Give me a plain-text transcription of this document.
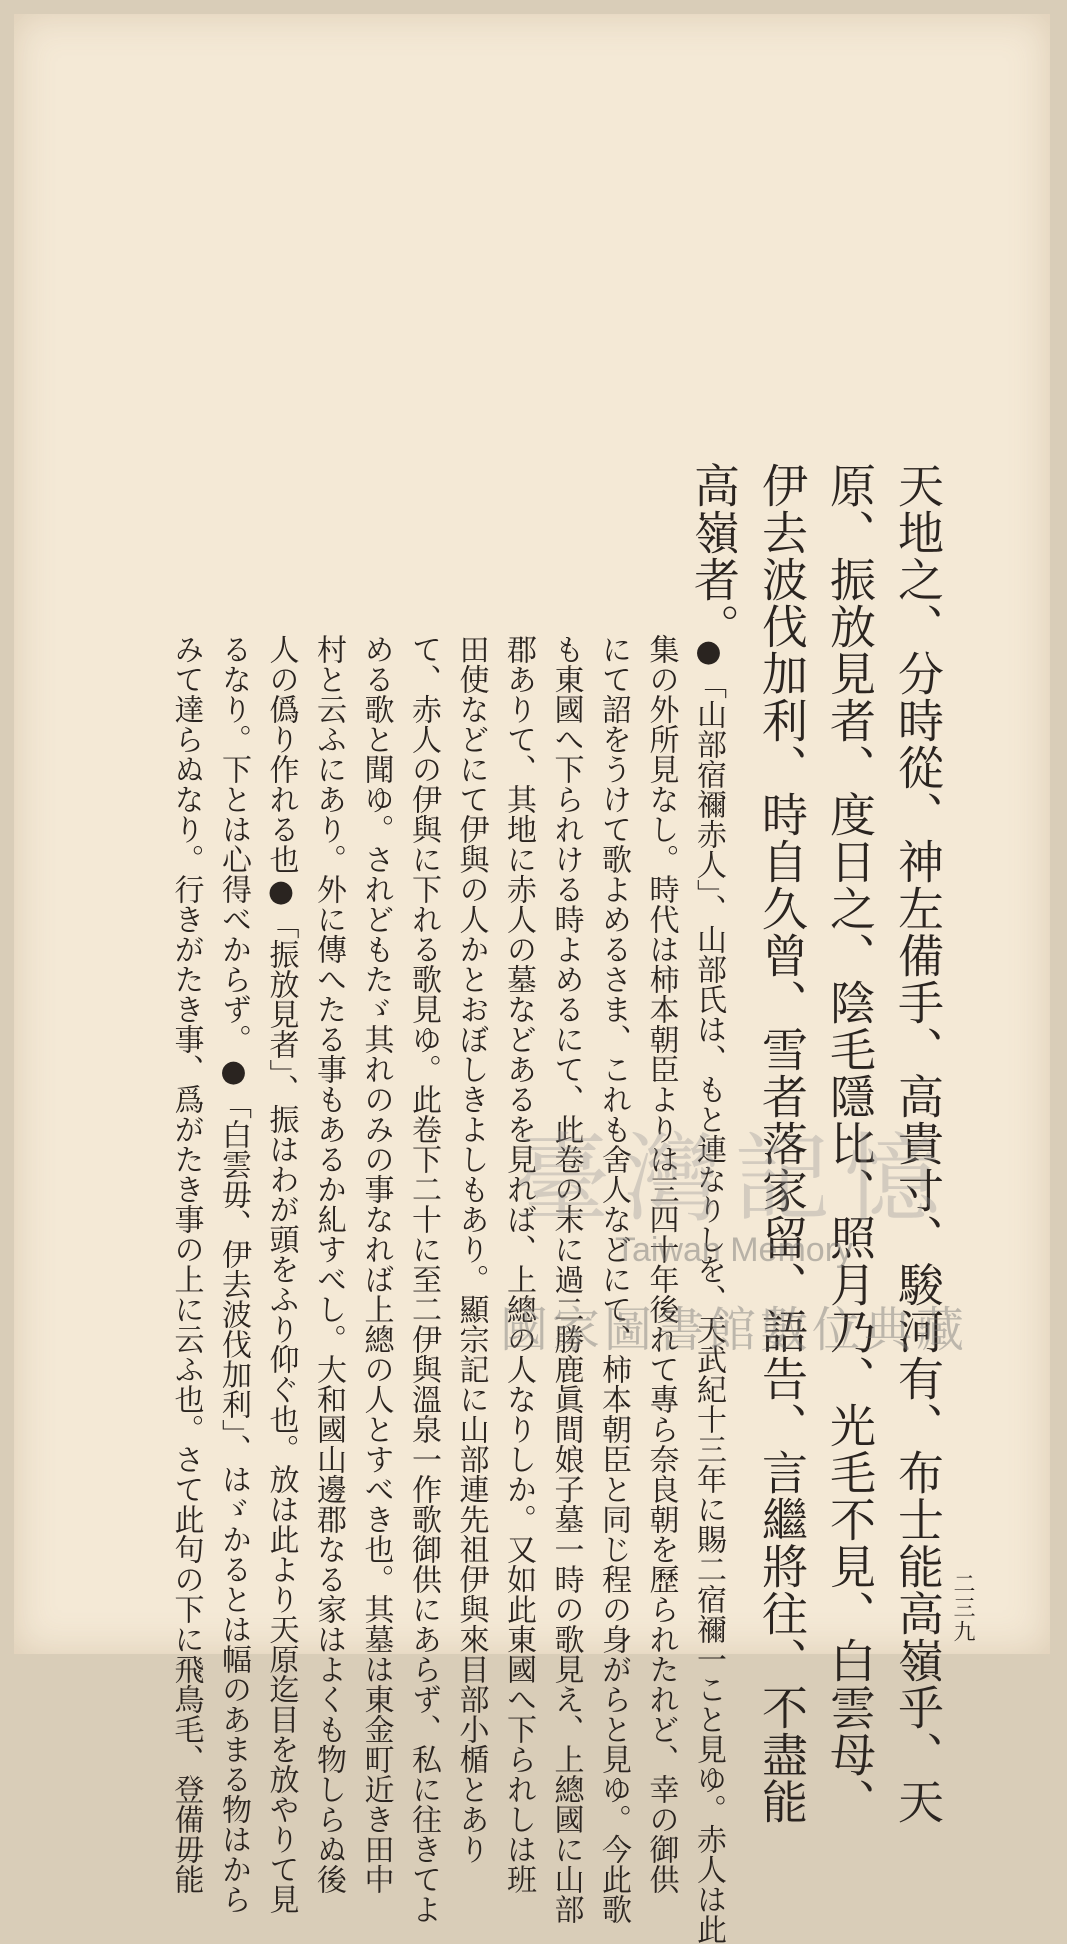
天地之、分時從、神左備手、高貴寸、駿河有、布士能高嶺乎、天
原、振放見者、度日之、陰毛隱比、照月乃、光毛不見、白雲母、
伊去波伐加利、時自久曾、雪者落家留、語告、言繼將往、不盡能
高嶺者。
●「山部宿禰赤人」、山部氏は、もと連なりしを、天武紀十三年に賜二宿禰一こと見ゆ。赤人は此
集の外所見なし。時代は柿本朝臣よりは三四十年後れて專ら奈良朝を歷られたれど、幸の御供
にて詔をうけて歌よめるさま、これも舍人などにて、柿本朝臣と同じ程の身がらと見ゆ。今此歌
も東國へ下られける時よめるにて、此卷の末に過二勝鹿眞間娘子墓一時の歌見え、上總國に山部
郡ありて、其地に赤人の墓などあるを見れば、上總の人なりしか。又如此東國へ下られしは班
田使などにて伊與の人かとおぼしきよしもあり。顯宗記に山部連先祖伊與來目部小楯とあり
て、赤人の伊與に下れる歌見ゆ。此卷下二十に至二伊與溫泉一作歌御供にあらず、私に往きてよ
める歌と聞ゆ。されどもたゞ其れのみの事なれば上總の人とすべき也。其墓は東金町近き田中
村と云ふにあり。外に傳へたる事もあるか糺すべし。大和國山邊郡なる家はよくも物しらぬ後
人の僞り作れる也●「振放見者」、振はわが頭をふり仰ぐ也。放は此より天原迄目を放やりて見
るなり。下とは心得べからず。●「白雲毋、伊去波伐加利」、はゞかるとは幅のあまる物はから
みて達らぬなり。行きがたき事、爲がたき事の上に云ふ也。さて此句の下に飛鳥毛、登備毋能	二三九
臺灣記憶
Taiwan Memory
國家圖書館數位典藏
